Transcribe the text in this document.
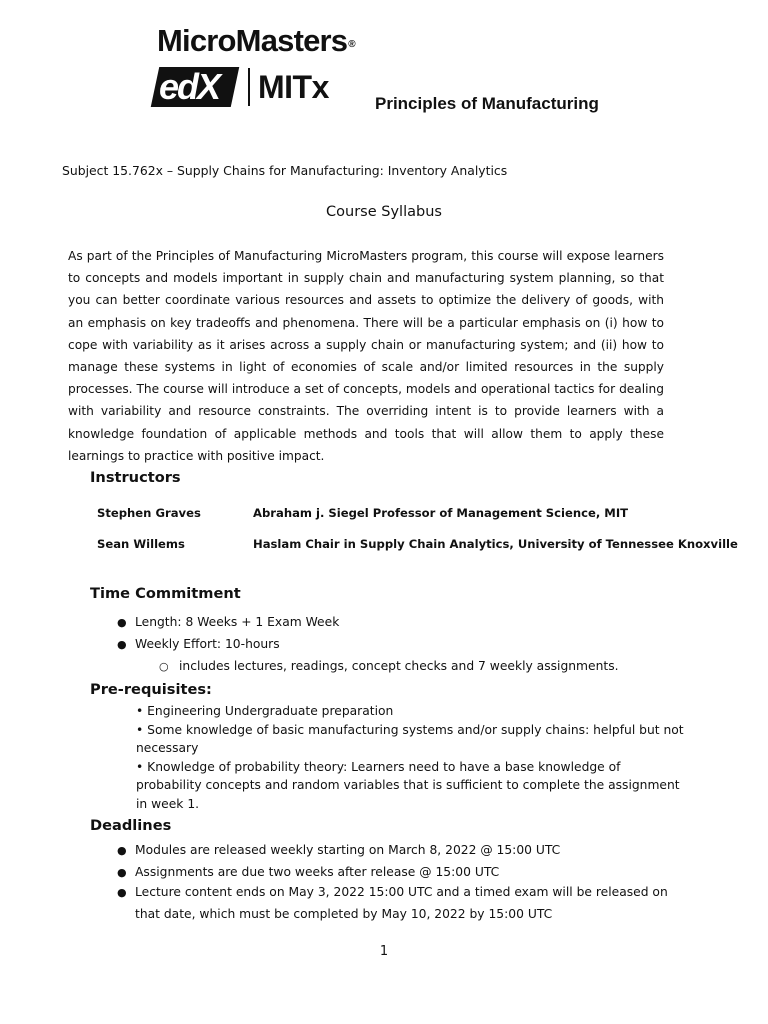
MicroMasters®
edX MITx	Principles of Manufacturing
Subject 15.762x – Supply Chains for Manufacturing: Inventory Analytics
Course Syllabus
As part of the Principles of Manufacturing MicroMasters program, this course will expose learners to concepts and models important in supply chain and manufacturing system planning, so that you can better coordinate various resources and assets to optimize the delivery of goods, with an emphasis on key tradeoffs and phenomena. There will be a particular emphasis on (i) how to cope with variability as it arises across a supply chain or manufacturing system; and (ii) how to manage these systems in light of economies of scale and/or limited resources in the supply processes. The course will introduce a set of concepts, models and operational tactics for dealing with variability and resource constraints. The overriding intent is to provide learners with a knowledge foundation of applicable methods and tools that will allow them to apply these learnings to practice with positive impact.
Instructors
Stephen Graves	Abraham j. Siegel Professor of Management Science, MIT
Sean Willems	Haslam Chair in Supply Chain Analytics, University of Tennessee Knoxville
Time Commitment
● Length: 8 Weeks + 1 Exam Week
● Weekly Effort: 10-hours
○ includes lectures, readings, concept checks and 7 weekly assignments.
Pre-requisites:

• Engineering Undergraduate preparation

• Some knowledge of basic manufacturing systems and/or supply chains: helpful but not necessary

• Knowledge of probability theory: Learners need to have a base knowledge of probability concepts and random variables that is sufficient to complete the assignment in week 1.

Deadlines
● Modules are released weekly starting on March 8, 2022 @ 15:00 UTC
● Assignments are due two weeks after release @ 15:00 UTC
● Lecture content ends on May 3, 2022 15:00 UTC and a timed exam will be released on
that date, which must be completed by May 10, 2022 by 15:00 UTC
1
